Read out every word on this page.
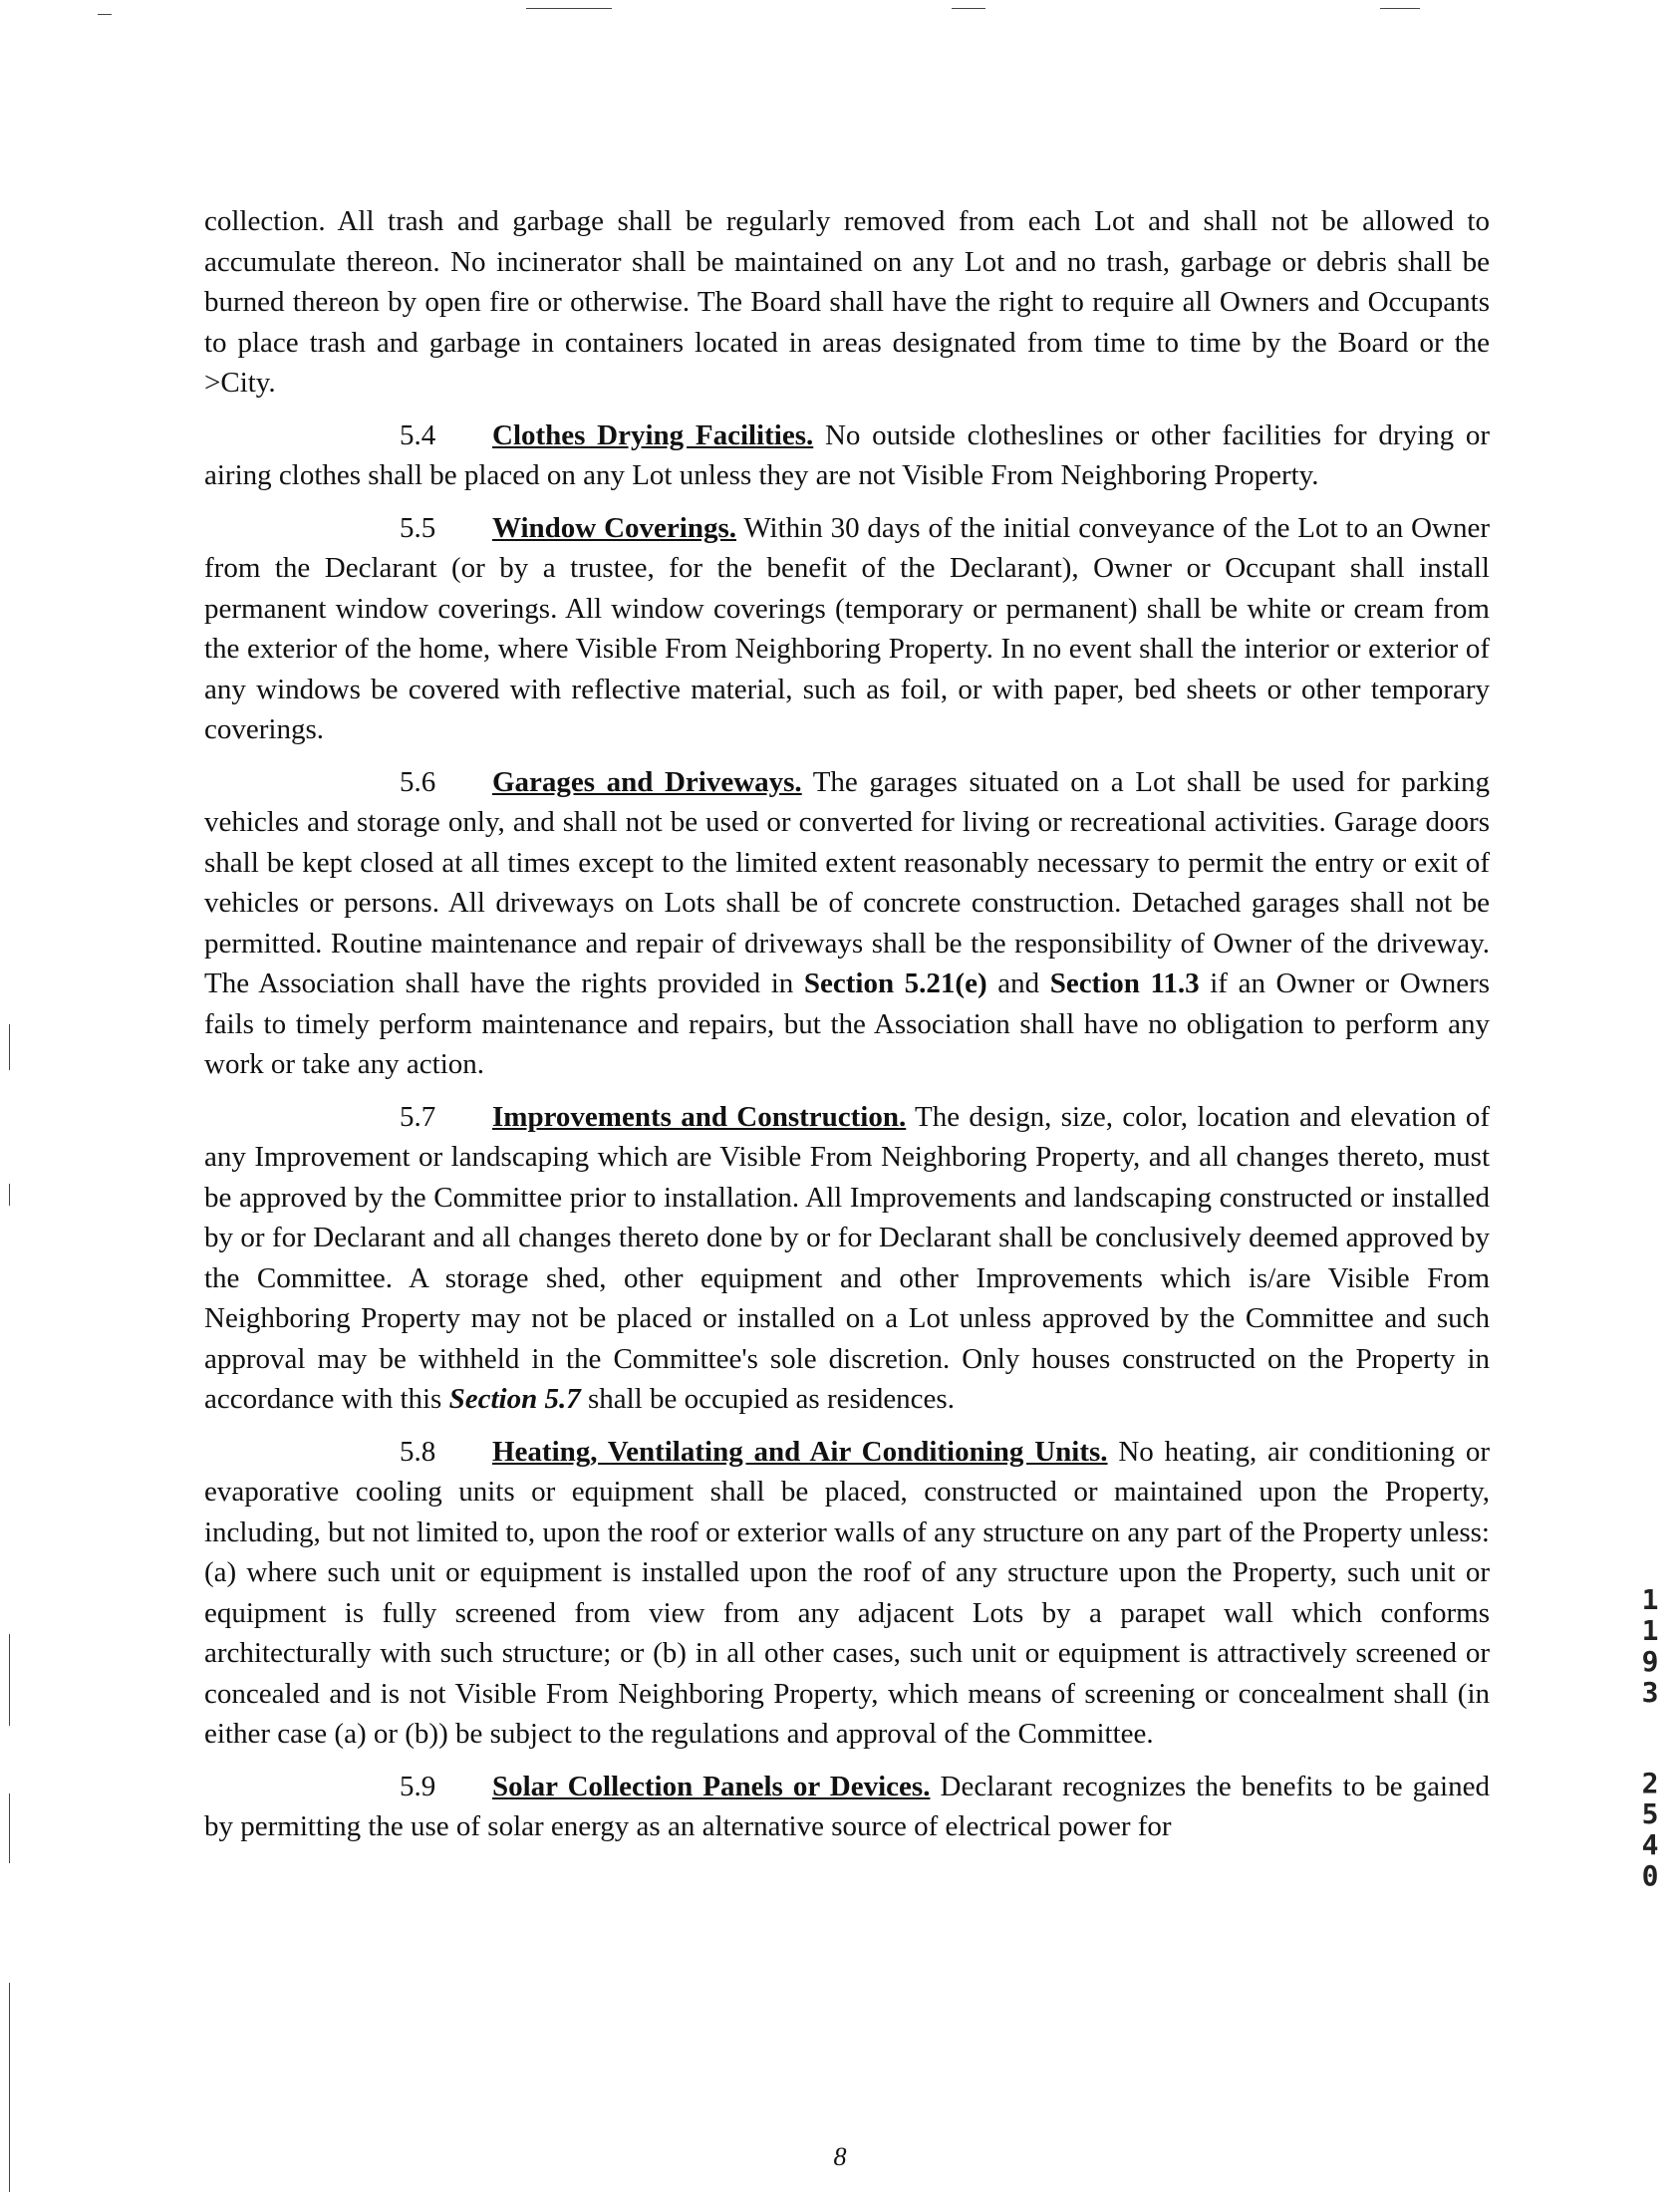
collection. All trash and garbage shall be regularly removed from each Lot and shall not be allowed to accumulate thereon. No incinerator shall be maintained on any Lot and no trash, garbage or debris shall be burned thereon by open fire or otherwise. The Board shall have the right to require all Owners and Occupants to place trash and garbage in containers located in areas designated from time to time by the Board or the >City.

5.4 Clothes Drying Facilities. No outside clotheslines or other facilities for drying or airing clothes shall be placed on any Lot unless they are not Visible From Neighboring Property.

5.5 Window Coverings. Within 30 days of the initial conveyance of the Lot to an Owner from the Declarant (or by a trustee, for the benefit of the Declarant), Owner or Occupant shall install permanent window coverings. All window coverings (temporary or permanent) shall be white or cream from the exterior of the home, where Visible From Neighboring Property. In no event shall the interior or exterior of any windows be covered with reflective material, such as foil, or with paper, bed sheets or other temporary coverings.

5.6 Garages and Driveways. The garages situated on a Lot shall be used for parking vehicles and storage only, and shall not be used or converted for living or recreational activities. Garage doors shall be kept closed at all times except to the limited extent reasonably necessary to permit the entry or exit of vehicles or persons. All driveways on Lots shall be of concrete construction. Detached garages shall not be permitted. Routine maintenance and repair of driveways shall be the responsibility of Owner of the driveway. The Association shall have the rights provided in Section 5.21(e) and Section 11.3 if an Owner or Owners fails to timely perform maintenance and repairs, but the Association shall have no obligation to perform any work or take any action.

5.7 Improvements and Construction. The design, size, color, location and elevation of any Improvement or landscaping which are Visible From Neighboring Property, and all changes thereto, must be approved by the Committee prior to installation. All Improvements and landscaping constructed or installed by or for Declarant and all changes thereto done by or for Declarant shall be conclusively deemed approved by the Committee. A storage shed, other equipment and other Improvements which is/are Visible From Neighboring Property may not be placed or installed on a Lot unless approved by the Committee and such approval may be withheld in the Committee's sole discretion. Only houses constructed on the Property in accordance with this Section 5.7 shall be occupied as residences.

5.8 Heating, Ventilating and Air Conditioning Units. No heating, air conditioning or evaporative cooling units or equipment shall be placed, constructed or maintained upon the Property, including, but not limited to, upon the roof or exterior walls of any structure on any part of the Property unless: (a) where such unit or equipment is installed upon the roof of any structure upon the Property, such unit or equipment is fully screened from view from any adjacent Lots by a parapet wall which conforms architecturally with such structure; or (b) in all other cases, such unit or equipment is attractively screened or concealed and is not Visible From Neighboring Property, which means of screening or concealment shall (in either case (a) or (b)) be subject to the regulations and approval of the Committee.

5.9 Solar Collection Panels or Devices. Declarant recognizes the benefits to be gained by permitting the use of solar energy as an alternative source of electrical power for

8
1
1
9
3
2
5
4
0
